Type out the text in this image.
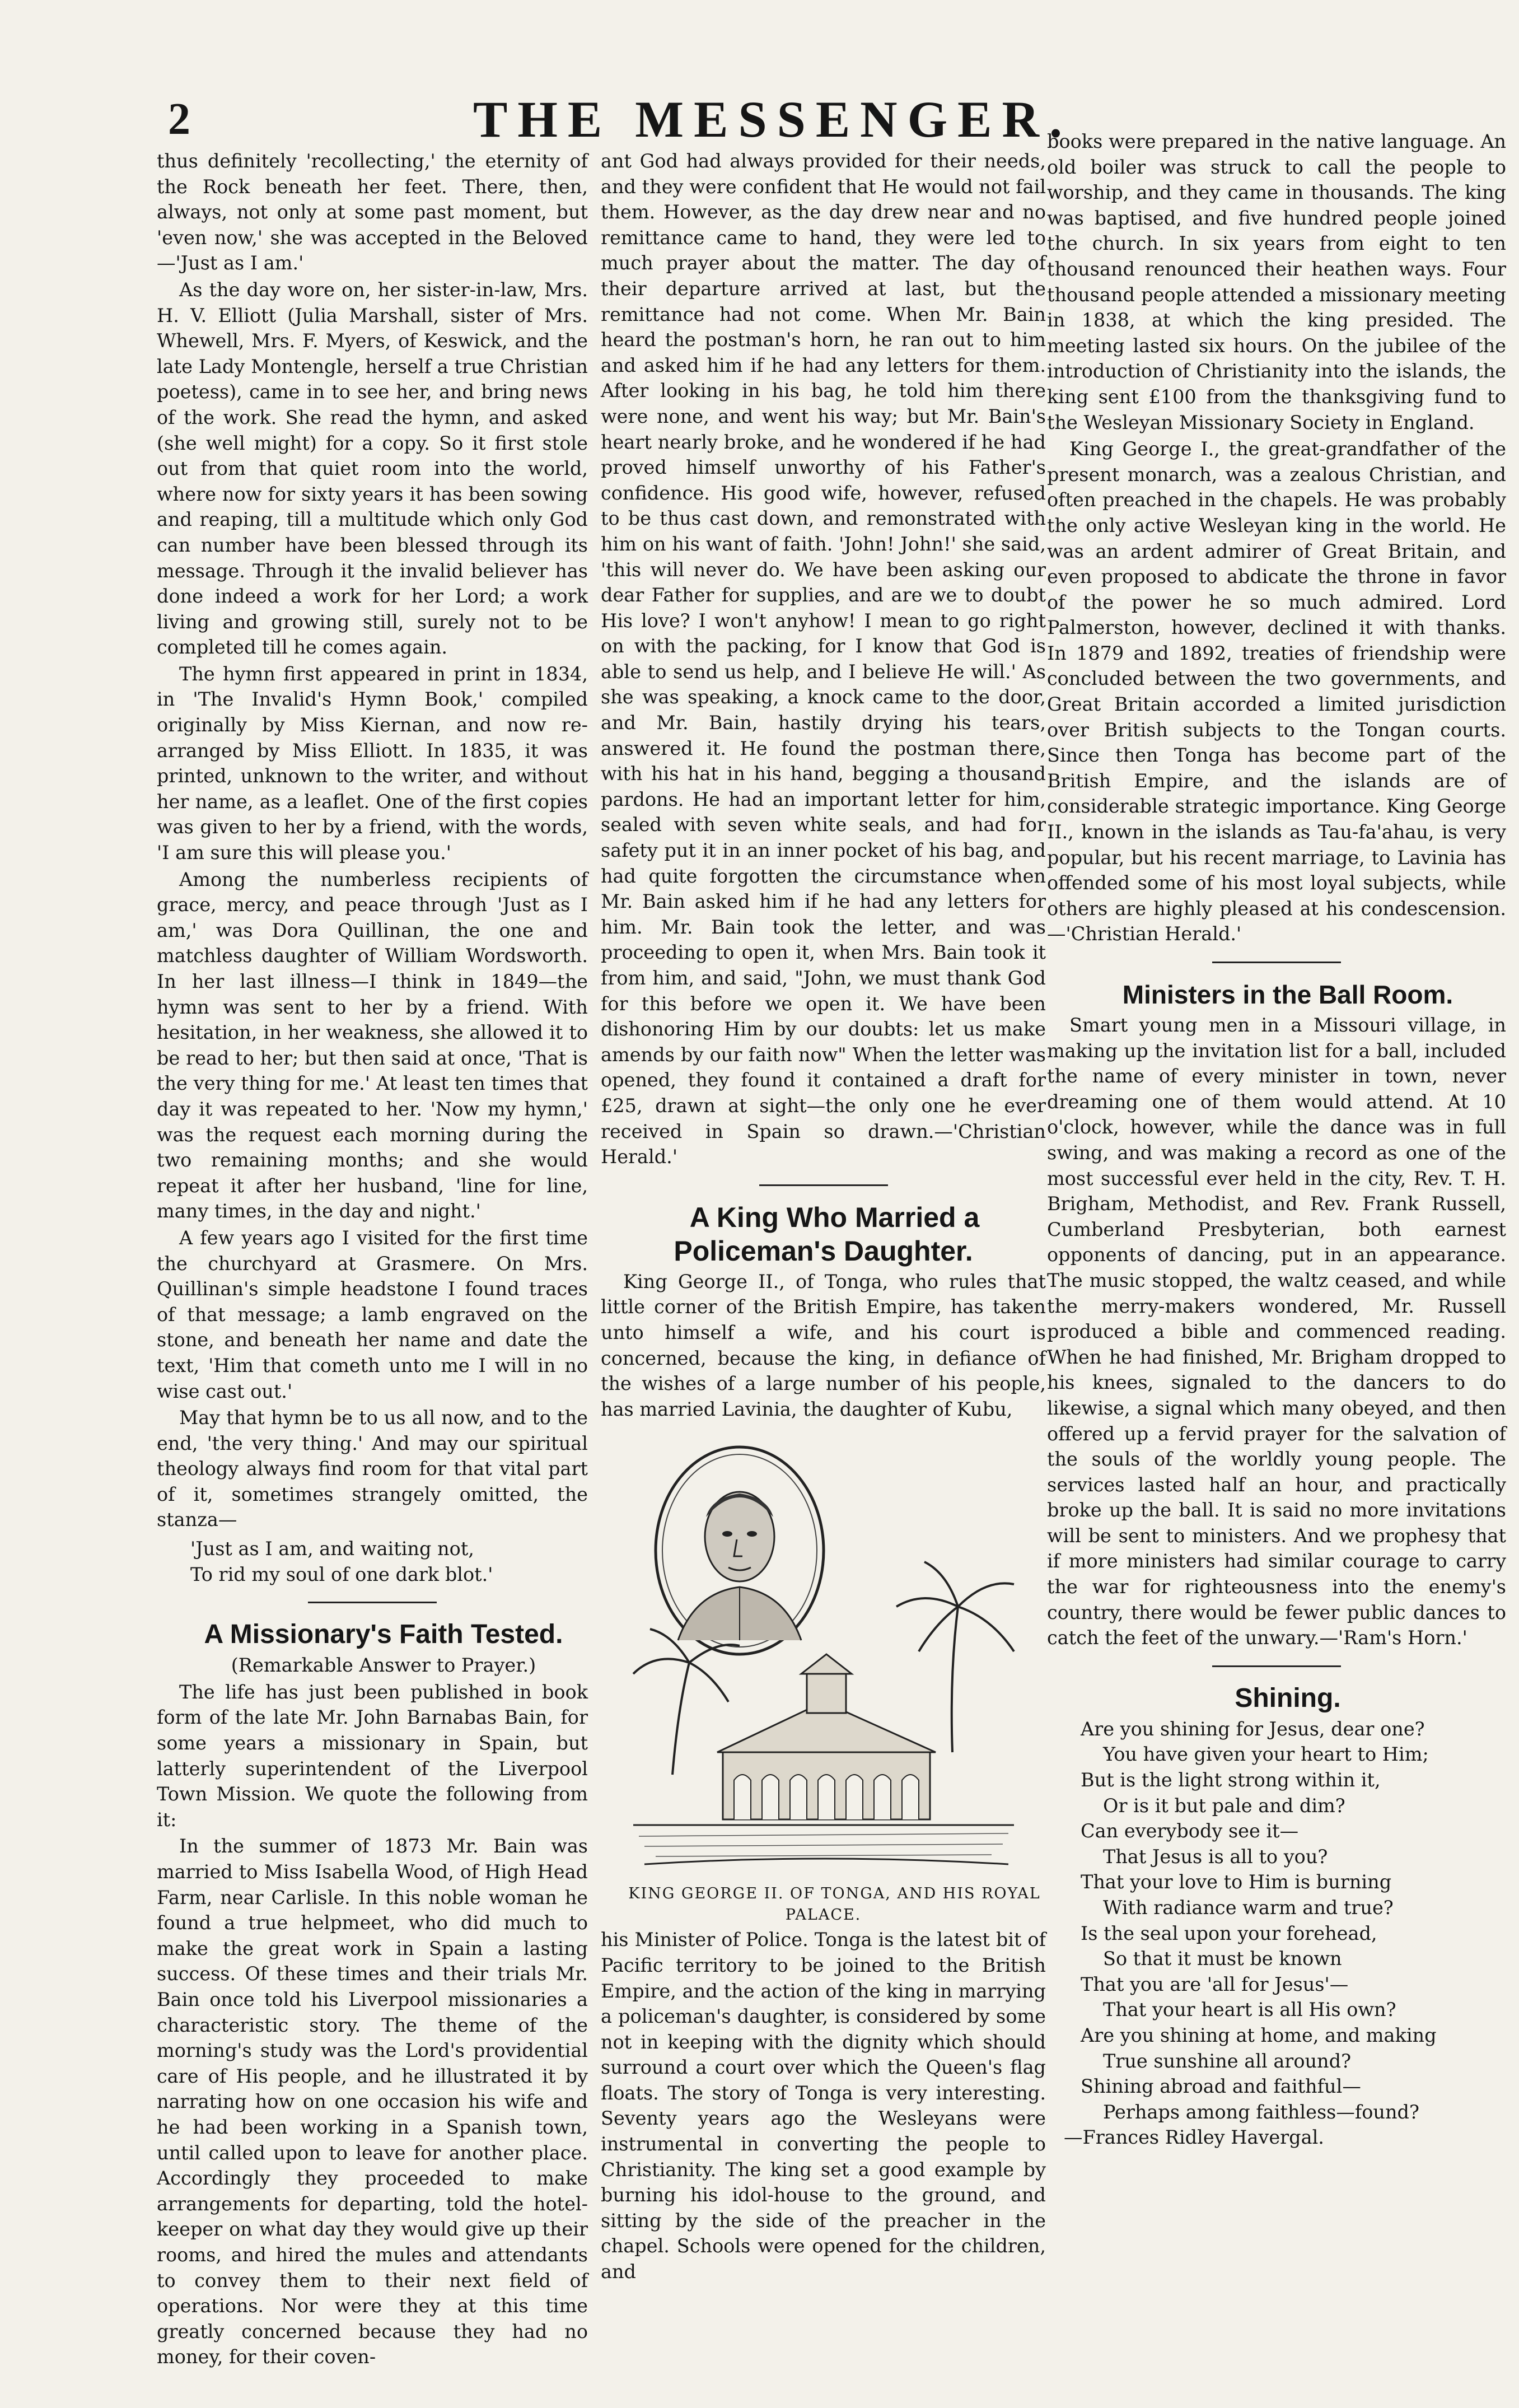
2	THE MESSENGER.

thus definitely 'recollecting,' the eternity of the Rock beneath her feet. There, then, always, not only at some past moment, but 'even now,' she was accepted in the Beloved—'Just as I am.'

As the day wore on, her sister-in-law, Mrs. H. V. Elliott (Julia Marshall, sister of Mrs. Whewell, Mrs. F. Myers, of Keswick, and the late Lady Montengle, herself a true Christian poetess), came in to see her, and bring news of the work. She read the hymn, and asked (she well might) for a copy. So it first stole out from that quiet room into the world, where now for sixty years it has been sowing and reaping, till a multitude which only God can number have been blessed through its message. Through it the invalid believer has done indeed a work for her Lord; a work living and growing still, surely not to be completed till he comes again.

The hymn first appeared in print in 1834, in 'The Invalid's Hymn Book,' compiled originally by Miss Kiernan, and now re-arranged by Miss Elliott. In 1835, it was printed, unknown to the writer, and without her name, as a leaflet. One of the first copies was given to her by a friend, with the words, 'I am sure this will please you.'

Among the numberless recipients of grace, mercy, and peace through 'Just as I am,' was Dora Quillinan, the one and matchless daughter of William Wordsworth. In her last illness—I think in 1849—the hymn was sent to her by a friend. With hesitation, in her weakness, she allowed it to be read to her; but then said at once, 'That is the very thing for me.' At least ten times that day it was repeated to her. 'Now my hymn,' was the request each morning during the two remaining months; and she would repeat it after her husband, 'line for line, many times, in the day and night.'

A few years ago I visited for the first time the churchyard at Grasmere. On Mrs. Quillinan's simple headstone I found traces of that message; a lamb engraved on the stone, and beneath her name and date the text, 'Him that cometh unto me I will in no wise cast out.'

May that hymn be to us all now, and to the end, 'the very thing.' And may our spiritual theology always find room for that vital part of it, sometimes strangely omitted, the stanza—

'Just as I am, and waiting not,
To rid my soul of one dark blot.'

A Missionary's Faith Tested.

(Remarkable Answer to Prayer.)

The life has just been published in book form of the late Mr. John Barnabas Bain, for some years a missionary in Spain, but latterly superintendent of the Liverpool Town Mission. We quote the following from it:

In the summer of 1873 Mr. Bain was married to Miss Isabella Wood, of High Head Farm, near Carlisle. In this noble woman he found a true helpmeet, who did much to make the great work in Spain a lasting success. Of these times and their trials Mr. Bain once told his Liverpool missionaries a characteristic story. The theme of the morning's study was the Lord's providential care of His people, and he illustrated it by narrating how on one occasion his wife and he had been working in a Spanish town, until called upon to leave for another place. Accordingly they proceeded to make arrangements for departing, told the hotel-keeper on what day they would give up their rooms, and hired the mules and attendants to convey them to their next field of operations. Nor were they at this time greatly concerned because they had no money, for their coven-

ant God had always provided for their needs, and they were confident that He would not fail them. However, as the day drew near and no remittance came to hand, they were led to much prayer about the matter. The day of their departure arrived at last, but the remittance had not come. When Mr. Bain heard the postman's horn, he ran out to him and asked him if he had any letters for them. After looking in his bag, he told him there were none, and went his way; but Mr. Bain's heart nearly broke, and he wondered if he had proved himself unworthy of his Father's confidence. His good wife, however, refused to be thus cast down, and remonstrated with him on his want of faith. 'John! John!' she said, 'this will never do. We have been asking our dear Father for supplies, and are we to doubt His love? I won't anyhow! I mean to go right on with the packing, for I know that God is able to send us help, and I believe He will.' As she was speaking, a knock came to the door, and Mr. Bain, hastily drying his tears, answered it. He found the postman there, with his hat in his hand, begging a thousand pardons. He had an important letter for him, sealed with seven white seals, and had for safety put it in an inner pocket of his bag, and had quite forgotten the circumstance when Mr. Bain asked him if he had any letters for him. Mr. Bain took the letter, and was proceeding to open it, when Mrs. Bain took it from him, and said, "John, we must thank God for this before we open it. We have been dishonoring Him by our doubts: let us make amends by our faith now" When the letter was opened, they found it contained a draft for £25, drawn at sight—the only one he ever received in Spain so drawn.—'Christian Herald.'

A King Who Married a Policeman's Daughter.

King George II., of Tonga, who rules that little corner of the British Empire, has taken unto himself a wife, and his court is concerned, because the king, in defiance of the wishes of a large number of his people, has married Lavinia, the daughter of Kubu,

KING GEORGE II. OF TONGA, AND HIS ROYAL PALACE.

his Minister of Police. Tonga is the latest bit of Pacific territory to be joined to the British Empire, and the action of the king in marrying a policeman's daughter, is considered by some not in keeping with the dignity which should surround a court over which the Queen's flag floats. The story of Tonga is very interesting. Seventy years ago the Wesleyans were instrumental in converting the people to Christianity. The king set a good example by burning his idol-house to the ground, and sitting by the side of the preacher in the chapel. Schools were opened for the children, and

books were prepared in the native language. An old boiler was struck to call the people to worship, and they came in thousands. The king was baptised, and five hundred people joined the church. In six years from eight to ten thousand renounced their heathen ways. Four thousand people attended a missionary meeting in 1838, at which the king presided. The meeting lasted six hours. On the jubilee of the introduction of Christianity into the islands, the king sent £100 from the thanksgiving fund to the Wesleyan Missionary Society in England.

King George I., the great-grandfather of the present monarch, was a zealous Christian, and often preached in the chapels. He was probably the only active Wesleyan king in the world. He was an ardent admirer of Great Britain, and even proposed to abdicate the throne in favor of the power he so much admired. Lord Palmerston, however, declined it with thanks. In 1879 and 1892, treaties of friendship were concluded between the two governments, and Great Britain accorded a limited jurisdiction over British subjects to the Tongan courts. Since then Tonga has become part of the British Empire, and the islands are of considerable strategic importance. King George II., known in the islands as Tau-fa'ahau, is very popular, but his recent marriage, to Lavinia has offended some of his most loyal subjects, while others are highly pleased at his condescension.—'Christian Herald.'

Ministers in the Ball Room.

Smart young men in a Missouri village, in making up the invitation list for a ball, included the name of every minister in town, never dreaming one of them would attend. At 10 o'clock, however, while the dance was in full swing, and was making a record as one of the most successful ever held in the city, Rev. T. H. Brigham, Methodist, and Rev. Frank Russell, Cumberland Presbyterian, both earnest opponents of dancing, put in an appearance. The music stopped, the waltz ceased, and while the merry-makers wondered, Mr. Russell produced a bible and commenced reading. When he had finished, Mr. Brigham dropped to his knees, signaled to the dancers to do likewise, a signal which many obeyed, and then offered up a fervid prayer for the salvation of the souls of the worldly young people. The services lasted half an hour, and practically broke up the ball. It is said no more invitations will be sent to ministers. And we prophesy that if more ministers had similar courage to carry the war for righteousness into the enemy's country, there would be fewer public dances to catch the feet of the unwary.—'Ram's Horn.'

Shining.

Are you shining for Jesus, dear one?
You have given your heart to Him;
But is the light strong within it,
Or is it but pale and dim?
Can everybody see it—
That Jesus is all to you?
That your love to Him is burning
With radiance warm and true?
Is the seal upon your forehead,
So that it must be known
That you are 'all for Jesus'—
That your heart is all His own?
Are you shining at home, and making
True sunshine all around?
Shining abroad and faithful—
Perhaps among faithless—found?
—Frances Ridley Havergal.
